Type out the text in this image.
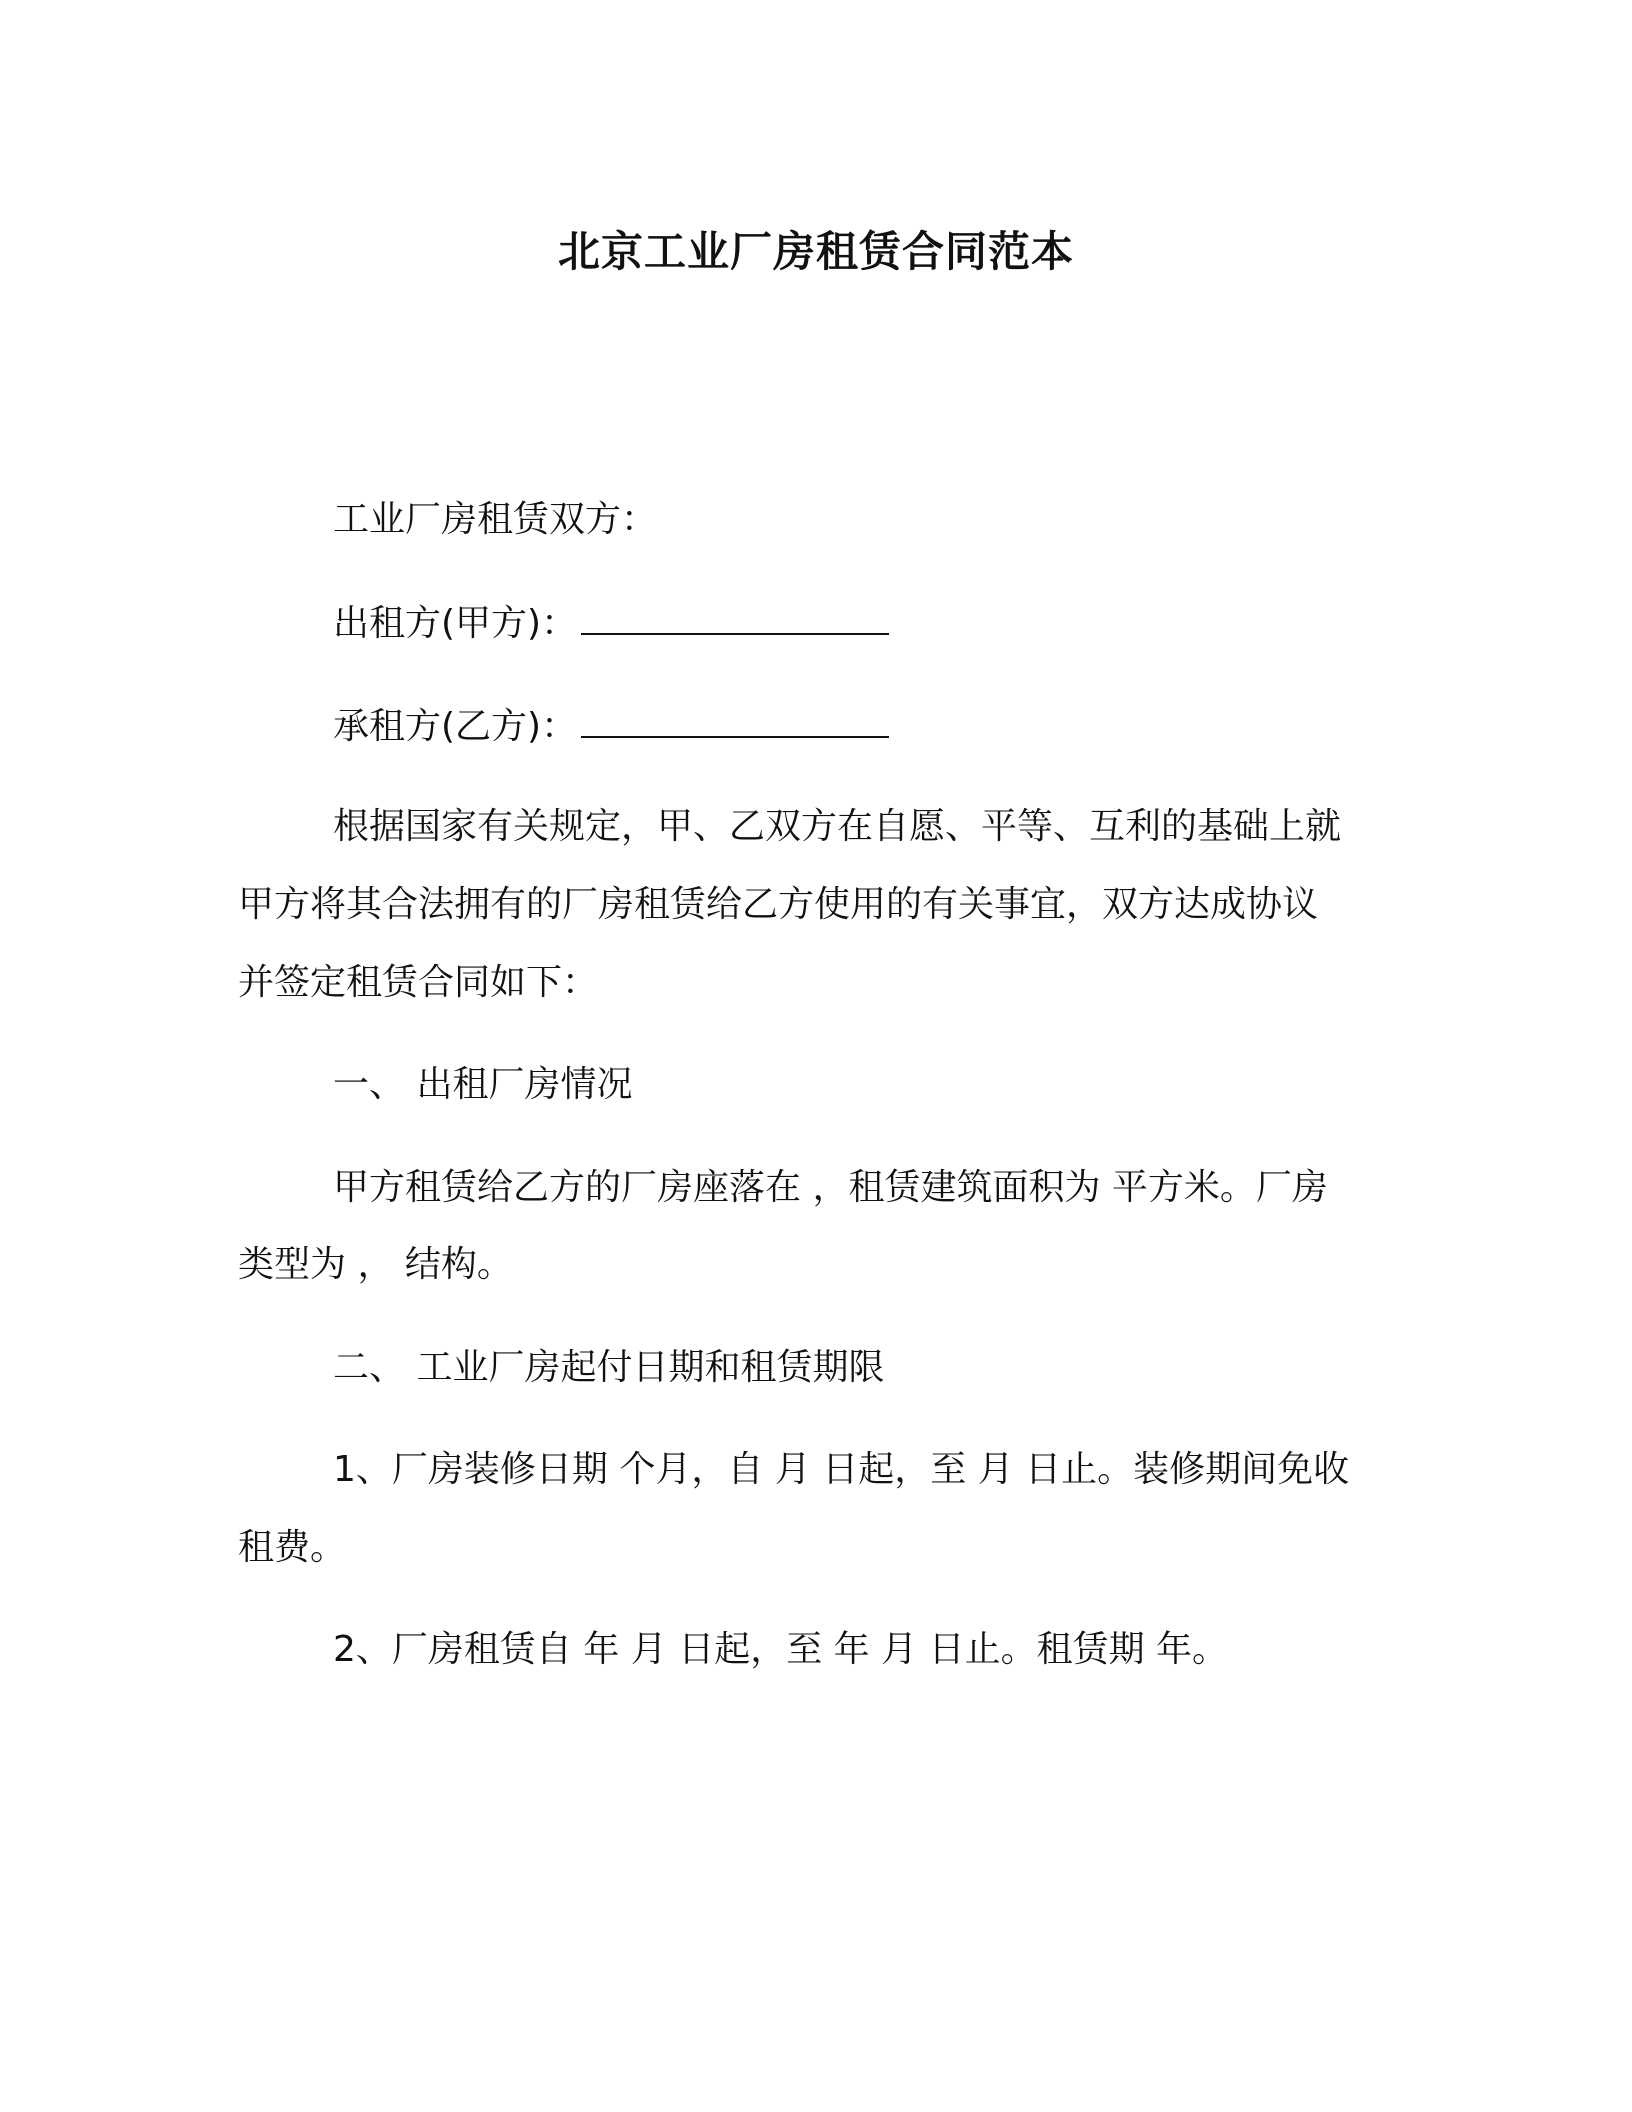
北京工业厂房租赁合同范本
工业厂房租赁双方：
出租方(甲方)：
承租方(乙方)：
根据国家有关规定，甲、乙双方在自愿、平等、互利的基础上就
甲方将其合法拥有的厂房租赁给乙方使用的有关事宜，双方达成协议
并签定租赁合同如下：
一、 出租厂房情况
甲方租赁给乙方的厂房座落在 ，租赁建筑面积为 平方米。厂房
类型为 ， 结构。
二、 工业厂房起付日期和租赁期限
1、厂房装修日期 个月，自 月 日起，至 月 日止。装修期间免收
租费。
2、厂房租赁自 年 月 日起，至 年 月 日止。租赁期 年。
